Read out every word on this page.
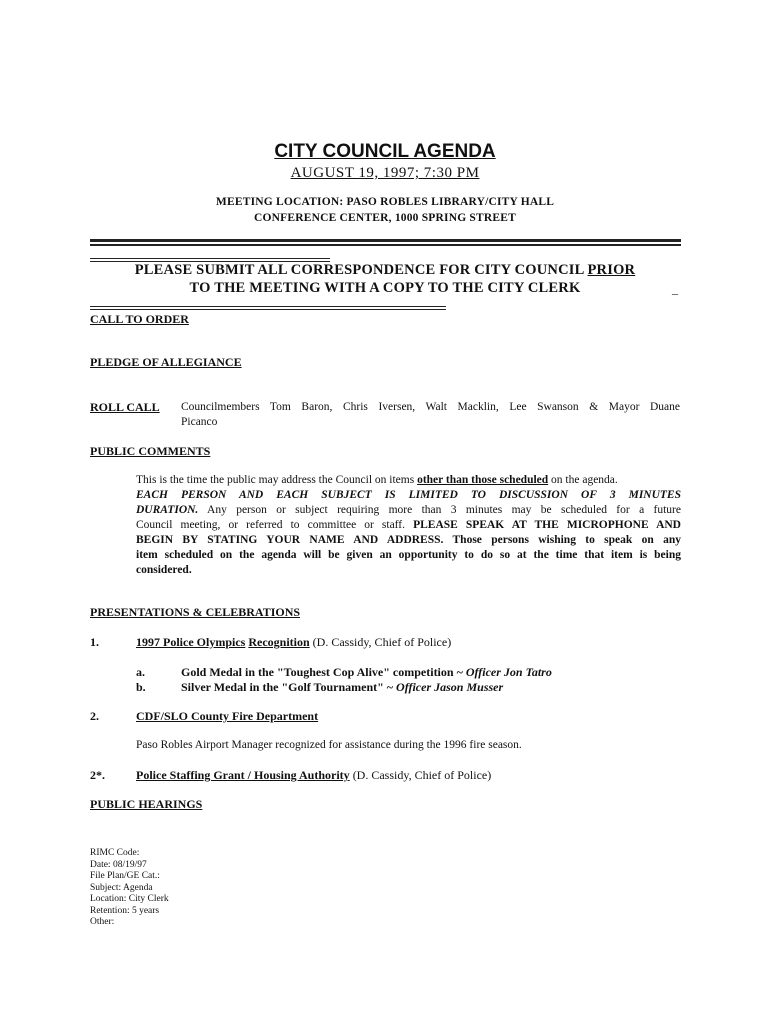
CITY COUNCIL AGENDA
AUGUST 19, 1997; 7:30 PM
MEETING LOCATION: PASO ROBLES LIBRARY/CITY HALL
CONFERENCE CENTER, 1000 SPRING STREET
PLEASE SUBMIT ALL CORRESPONDENCE FOR CITY COUNCIL PRIOR
TO THE MEETING WITH A COPY TO THE CITY CLERK	_
CALL TO ORDER
PLEDGE OF ALLEGIANCE
ROLL CALL Councilmembers Tom Baron, Chris Iversen, Walt Macklin, Lee Swanson & Mayor Duane
Picanco
PUBLIC COMMENTS
This is the time the public may address the Council on items other than those scheduled on the agenda.
EACH PERSON AND EACH SUBJECT IS LIMITED TO DISCUSSION OF 3 MINUTES
DURATION. Any person or subject requiring more than 3 minutes may be scheduled for a future
Council meeting, or referred to committee or staff. PLEASE SPEAK AT THE MICROPHONE AND
BEGIN BY STATING YOUR NAME AND ADDRESS. Those persons wishing to speak on any
item scheduled on the agenda will be given an opportunity to do so at the time that item is being
considered.
PRESENTATIONS & CELEBRATIONS
1.	1997 Police Olympics Recognition (D. Cassidy, Chief of Police)
a.	Gold Medal in the "Toughest Cop Alive" competition ~ Officer Jon Tatro
b.	Silver Medal in the "Golf Tournament" ~ Officer Jason Musser
2.	CDF/SLO County Fire Department
Paso Robles Airport Manager recognized for assistance during the 1996 fire season.
2*.	Police Staffing Grant / Housing Authority (D. Cassidy, Chief of Police)
PUBLIC HEARINGS
RIMC Code:
Date: 08/19/97
File Plan/GE Cat.:
Subject: Agenda
Location: City Clerk
Retention: 5 years
Other:
